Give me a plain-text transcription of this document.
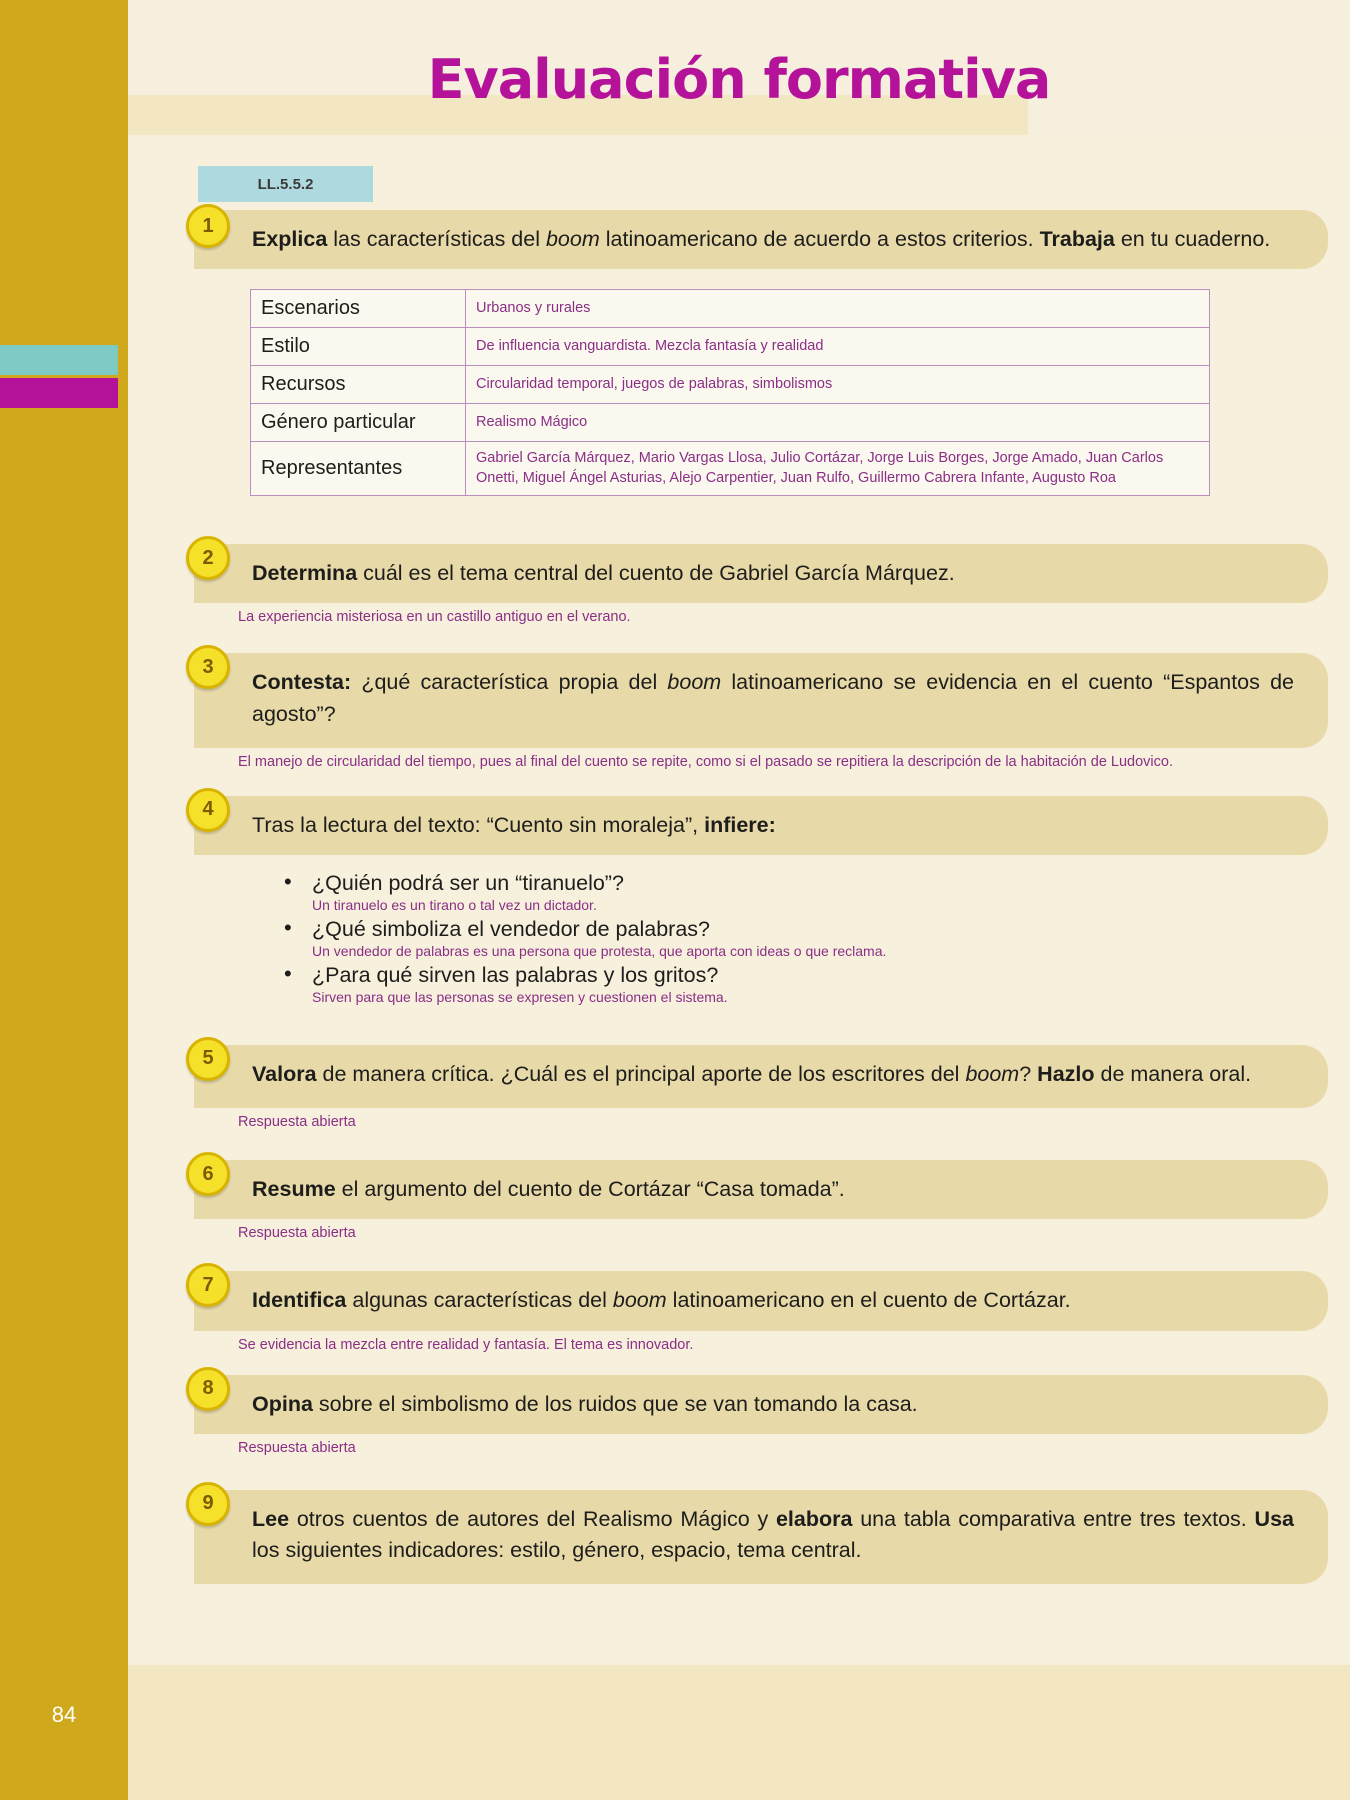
84
Evaluación formativa
LL.5.5.2
1
Explica las características del boom latinoamericano de acuerdo a estos criterios. Trabaja en tu cuaderno.
Escenarios	Urbanos y rurales
Estilo	De influencia vanguardista. Mezcla fantasía y realidad
Recursos	Circularidad temporal, juegos de palabras, simbolismos
Género particular	Realismo Mágico
Representantes	Gabriel García Márquez, Mario Vargas Llosa, Julio Cortázar, Jorge Luis Borges, Jorge Amado, Juan Carlos Onetti, Miguel Ángel Asturias, Alejo Carpentier, Juan Rulfo, Guillermo Cabrera Infante, Augusto Roa
2
Determina cuál es el tema central del cuento de Gabriel García Márquez.
La experiencia misteriosa en un castillo antiguo en el verano.
3
Contesta: ¿qué característica propia del boom latinoamericano se evidencia en el cuento “Espantos de agosto”?
El manejo de circularidad del tiempo, pues al final del cuento se repite, como si el pasado se repitiera la descripción de la habitación de Ludovico.
4
Tras la lectura del texto: “Cuento sin moraleja”, infiere:
• ¿Quién podrá ser un “tiranuelo”?
Un tiranuelo es un tirano o tal vez un dictador.
• ¿Qué simboliza el vendedor de palabras?
Un vendedor de palabras es una persona que protesta, que aporta con ideas o que reclama.
• ¿Para qué sirven las palabras y los gritos?
Sirven para que las personas se expresen y cuestionen el sistema.
5
Valora de manera crítica. ¿Cuál es el principal aporte de los escritores del boom? Hazlo de manera oral.
Respuesta abierta
6
Resume el argumento del cuento de Cortázar “Casa tomada”.
Respuesta abierta
7
Identifica algunas características del boom latinoamericano en el cuento de Cortázar.
Se evidencia la mezcla entre realidad y fantasía. El tema es innovador.
8
Opina sobre el simbolismo de los ruidos que se van tomando la casa.
Respuesta abierta
9
Lee otros cuentos de autores del Realismo Mágico y elabora una tabla comparativa entre tres textos. Usa los siguientes indicadores: estilo, género, espacio, tema central.
